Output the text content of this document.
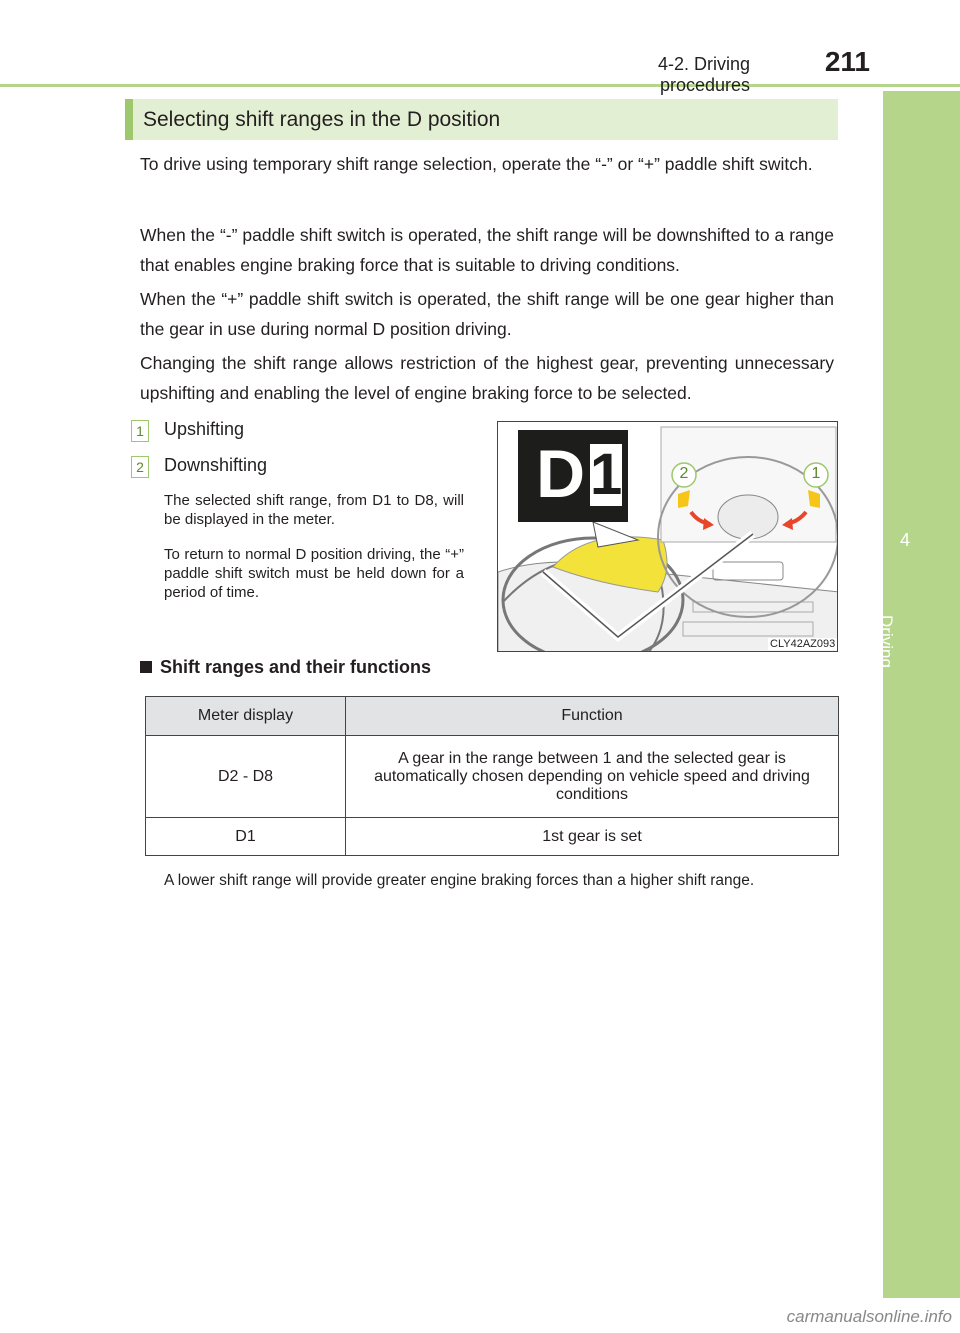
4-2. Driving procedures
211
4
Driving
Selecting shift ranges in the D position
To drive using temporary shift range selection, operate the “-” or “+” paddle shift switch.
When the “-” paddle shift switch is operated, the shift range will be downshifted to a range that enables engine braking force that is suitable to driving conditions.
When the “+” paddle shift switch is operated, the shift range will be one gear higher than the gear in use during normal D position driving.
Changing the shift range allows restriction of the highest gear, preventing unnecessary upshifting and enabling the level of engine braking force to be selected.
1 Upshifting
2 Downshifting
The selected shift range, from D1 to D8, will be displayed in the meter.
To return to normal D position driving, the “+” paddle shift switch must be held down for a period of time.
D 1	2	1
CLY42AZ093
Shift ranges and their functions
Meter display	Function
D2 - D8	A gear in the range between 1 and the selected gear is automatically chosen depending on vehicle speed and driving conditions
D1	1st gear is set
A lower shift range will provide greater engine braking forces than a higher shift range.
carmanualsonline.info
